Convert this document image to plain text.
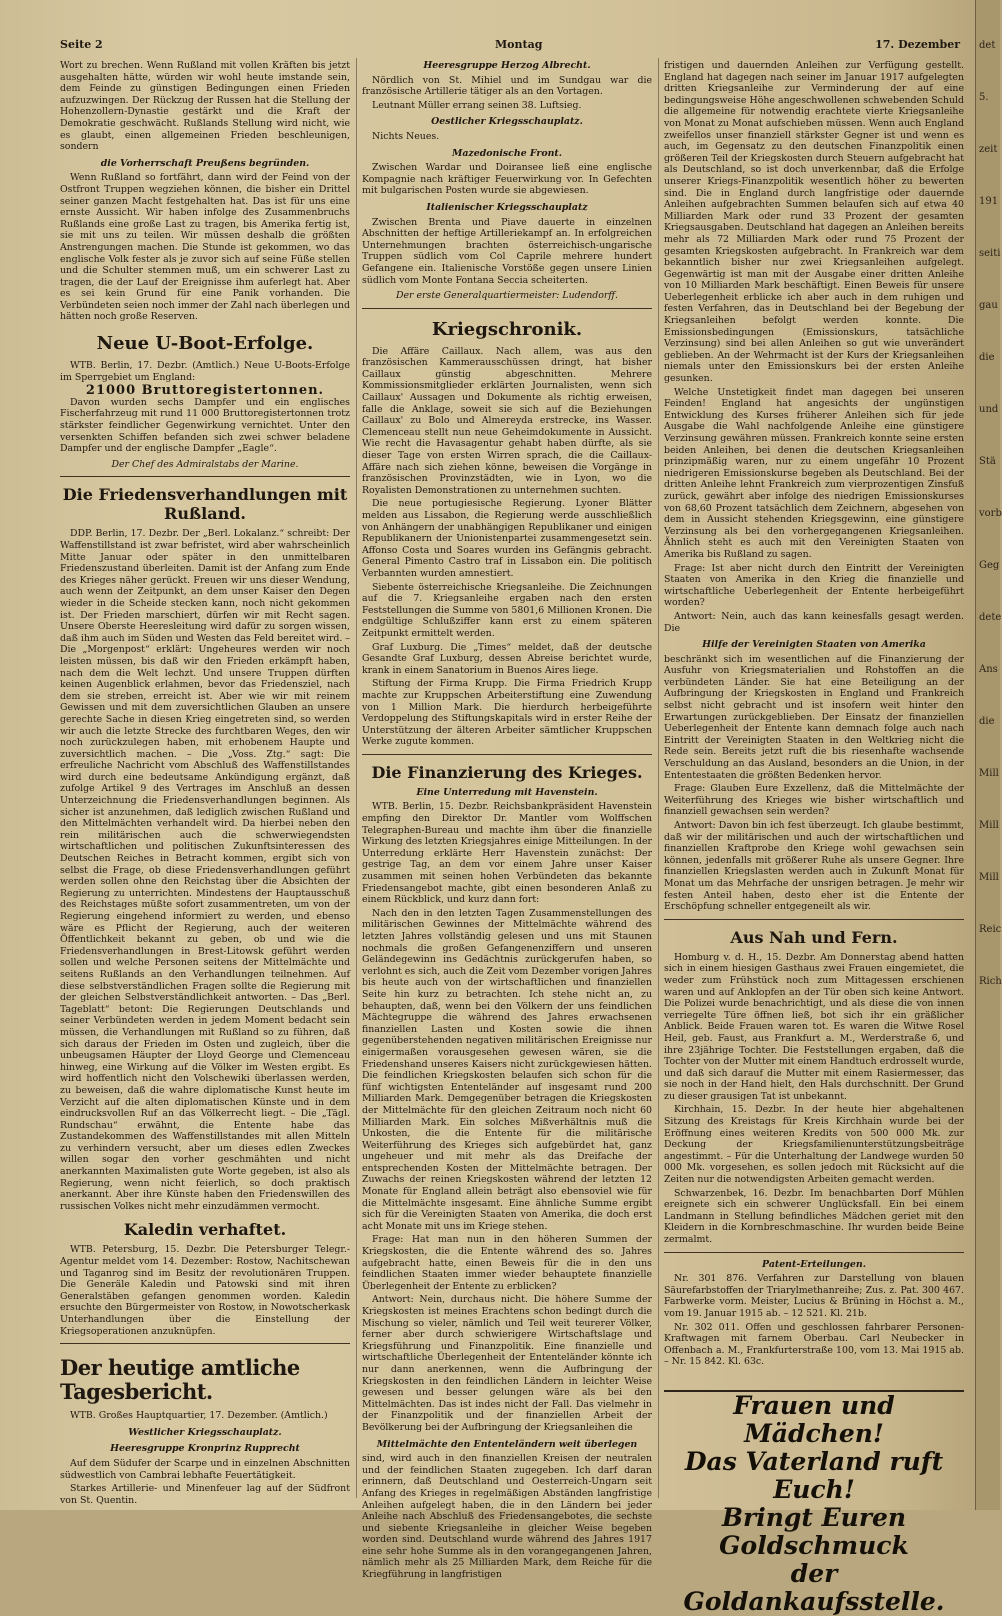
Seite 2	Montag	17. Dezember

Wort zu brechen. Wenn Rußland mit vollen Kräften bis jetzt ausgehalten hätte, würden wir wohl heute imstande sein, dem Feinde zu günstigen Bedingungen einen Frieden aufzuzwingen. Der Rückzug der Russen hat die Stellung der Hohenzollern-Dynastie gestärkt und die Kraft der Demokratie geschwächt. Rußlands Stellung wird nicht, wie es glaubt, einen allgemeinen Frieden beschleunigen, sondern

die Vorherrschaft Preußens begründen.

Wenn Rußland so fortfährt, dann wird der Feind von der Ostfront Truppen wegziehen können, die bisher ein Drittel seiner ganzen Macht festgehalten hat. Das ist für uns eine ernste Aussicht. Wir haben infolge des Zusammenbruchs Rußlands eine große Last zu tragen, bis Amerika fertig ist, sie mit uns zu teilen. Wir müssen deshalb die größten Anstrengungen machen. Die Stunde ist gekommen, wo das englische Volk fester als je zuvor sich auf seine Füße stellen und die Schulter stemmen muß, um ein schwerer Last zu tragen, die der Lauf der Ereignisse ihm auferlegt hat. Aber es sei kein Grund für eine Panik vorhanden. Die Verbündeten seien noch immer der Zahl nach überlegen und hätten noch große Reserven.

Neue U-Boot-Erfolge.

WTB. Berlin, 17. Dezbr. (Amtlich.) Neue U-Boots-Erfolge im Sperrgebiet um England:

21000 Bruttoregistertonnen.

Davon wurden sechs Dampfer und ein englisches Fischerfahrzeug mit rund 11 000 Bruttoregistertonnen trotz stärkster feindlicher Gegenwirkung vernichtet. Unter den versenkten Schiffen befanden sich zwei schwer beladene Dampfer und der englische Dampfer „Eagle“.

Der Chef des Admiralstabs der Marine.
Die Friedensverhandlungen mit Rußland.

DDP. Berlin, 17. Dezbr. Der „Berl. Lokalanz.“ schreibt: Der Waffenstillstand ist zwar befristet, wird aber wahrscheinlich Mitte Januar oder später in den unmittelbaren Friedenszustand überleiten. Damit ist der Anfang zum Ende des Krieges näher gerückt. Freuen wir uns dieser Wendung, auch wenn der Zeitpunkt, an dem unser Kaiser den Degen wieder in die Scheide stecken kann, noch nicht gekommen ist. Der Frieden marschiert, dürfen wir mit Recht sagen. Unsere Oberste Heeresleitung wird dafür zu sorgen wissen, daß ihm auch im Süden und Westen das Feld bereitet wird. – Die „Morgenpost“ erklärt: Ungeheures werden wir noch leisten müssen, bis daß wir den Frieden erkämpft haben, nach dem die Welt lechzt. Und unsere Truppen dürften keinen Augenblick erlahmen, bevor das Friedensziel, nach dem sie streben, erreicht ist. Aber wie wir mit reinem Gewissen und mit dem zuversichtlichen Glauben an unsere gerechte Sache in diesen Krieg eingetreten sind, so werden wir auch die letzte Strecke des furchtbaren Weges, den wir noch zurückzulegen haben, mit erhobenem Haupte und zuversichtlich machen. – Die „Voss. Ztg.“ sagt: Die erfreuliche Nachricht vom Abschluß des Waffenstillstandes wird durch eine bedeutsame Ankündigung ergänzt, daß zufolge Artikel 9 des Vertrages im Anschluß an dessen Unterzeichnung die Friedensverhandlungen beginnen. Als sicher ist anzunehmen, daß lediglich zwischen Rußland und den Mittelmächten verhandelt wird. Da hierbei neben den rein militärischen auch die schwerwiegendsten wirtschaftlichen und politischen Zukunftsinteressen des Deutschen Reiches in Betracht kommen, ergibt sich von selbst die Frage, ob diese Friedensverhandlungen geführt werden sollen ohne den Reichstag über die Absichten der Regierung zu unterrichten. Mindestens der Hauptausschuß des Reichstages müßte sofort zusammentreten, um von der Regierung eingehend informiert zu werden, und ebenso wäre es Pflicht der Regierung, auch der weiteren Öffentlichkeit bekannt zu geben, ob und wie die Friedensverhandlungen in Brest-Litowsk geführt werden sollen und welche Personen seitens der Mittelmächte und seitens Rußlands an den Verhandlungen teilnehmen. Auf diese selbstverständlichen Fragen sollte die Regierung mit der gleichen Selbstverständlichkeit antworten. – Das „Berl. Tageblatt“ betont: Die Regierungen Deutschlands und seiner Verbündeten werden in jedem Moment bedacht sein müssen, die Verhandlungen mit Rußland so zu führen, daß sich daraus der Frieden im Osten und zugleich, über die unbeugsamen Häupter der Lloyd George und Clemenceau hinweg, eine Wirkung auf die Völker im Westen ergibt. Es wird hoffentlich nicht den Volschewiki überlassen werden, zu beweisen, daß die wahre diplomatische Kunst heute im Verzicht auf die alten diplomatischen Künste und in dem eindrucksvollen Ruf an das Völkerrecht liegt. – Die „Tägl. Rundschau“ erwähnt, die Entente habe das Zustandekommen des Waffenstillstandes mit allen Mitteln zu verhindern versucht, aber um dieses edlen Zweckes willen sogar den vorher geschmähten und nicht anerkannten Maximalisten gute Worte gegeben, ist also als Regierung, wenn nicht feierlich, so doch praktisch anerkannt. Aber ihre Künste haben den Friedenswillen des russischen Volkes nicht mehr einzudämmen vermocht.

Kaledin verhaftet.

WTB. Petersburg, 15. Dezbr. Die Petersburger Telegr.-Agentur meldet vom 14. Dezember: Rostow, Nachitschewan und Taganrog sind im Besitz der revolutionären Truppen. Die Generäle Kaledin und Patowski sind mit ihren Generalstäben gefangen genommen worden. Kaledin ersuchte den Bürgermeister von Rostow, in Nowotscherkask Unterhandlungen über die Einstellung der Kriegsoperationen anzuknüpfen.

Der heutige amtliche Tagesbericht.

WTB. Großes Hauptquartier, 17. Dezember. (Amtlich.)

Westlicher Kriegsschauplatz.
Heeresgruppe Kronprinz Rupprecht

Auf dem Südufer der Scarpe und in einzelnen Abschnitten südwestlich von Cambrai lebhafte Feuertätigkeit.

Starkes Artillerie- und Minenfeuer lag auf der Südfront von St. Quentin.

Heeresgruppe Herzog Albrecht.

Nördlich von St. Mihiel und im Sundgau war die französische Artillerie tätiger als an den Vortagen.

Leutnant Müller errang seinen 38. Luftsieg.

Oestlicher Kriegsschauplatz.

Nichts Neues.

Mazedonische Front.

Zwischen Wardar und Doiransee ließ eine englische Kompagnie nach kräftiger Feuerwirkung vor. In Gefechten mit bulgarischen Posten wurde sie abgewiesen.

Italienischer Kriegsschauplatz

Zwischen Brenta und Piave dauerte in einzelnen Abschnitten der heftige Artilleriekampf an. In erfolgreichen Unternehmungen brachten österreichisch-ungarische Truppen südlich vom Col Caprile mehrere hundert Gefangene ein. Italienische Vorstöße gegen unsere Linien südlich vom Monte Fontana Seccia scheiterten.

Der erste Generalquartiermeister: Ludendorff.
Kriegschronik.

Die Affäre Caillaux. Nach allem, was aus den französischen Kammerausschüssen dringt, hat bisher Caillaux günstig abgeschnitten. Mehrere Kommissionsmitglieder erklärten Journalisten, wenn sich Caillaux' Aussagen und Dokumente als richtig erweisen, falle die Anklage, soweit sie sich auf die Beziehungen Caillaux' zu Bolo und Almereyda erstrecke, ins Wasser. Clemenceau stellt nun neue Geheimdokumente in Aussicht. Wie recht die Havasagentur gehabt haben dürfte, als sie dieser Tage von ersten Wirren sprach, die die Caillaux-Affäre nach sich ziehen könne, beweisen die Vorgänge in französischen Provinzstädten, wie in Lyon, wo die Royalisten Demonstrationen zu unternehmen suchten.

Die neue portugiesische Regierung. Lyoner Blätter melden aus Lissabon, die Regierung werde ausschließlich von Anhängern der unabhängigen Republikaner und einigen Republikanern der Unionistenpartei zusammengesetzt sein. Affonso Costa und Soares wurden ins Gefängnis gebracht. General Pimento Castro traf in Lissabon ein. Die politisch Verbannten wurden amnestiert.

Siebente österreichische Kriegsanleihe. Die Zeichnungen auf die 7. Kriegsanleihe ergaben nach den ersten Feststellungen die Summe von 5801,6 Millionen Kronen. Die endgültige Schlußziffer kann erst zu einem späteren Zeitpunkt ermittelt werden.

Graf Luxburg. Die „Times“ meldet, daß der deutsche Gesandte Graf Luxburg, dessen Abreise berichtet wurde, krank in einem Sanatorium in Buenos Aires liege.

Stiftung der Firma Krupp. Die Firma Friedrich Krupp machte zur Kruppschen Arbeiterstiftung eine Zuwendung von 1 Million Mark. Die hierdurch herbeigeführte Verdoppelung des Stiftungskapitals wird in erster Reihe der Unterstützung der älteren Arbeiter sämtlicher Kruppschen Werke zugute kommen.

Die Finanzierung des Krieges.
Eine Unterredung mit Havenstein.

WTB. Berlin, 15. Dezbr. Reichsbankpräsident Havenstein empfing den Direktor Dr. Mantler vom Wolffschen Telegraphen-Bureau und machte ihm über die finanzielle Wirkung des letzten Kriegsjahres einige Mitteilungen. In der Unterredung erklärte Herr Havenstein zunächst: Der gestrige Tag, an dem vor einem Jahre unser Kaiser zusammen mit seinen hohen Verbündeten das bekannte Friedensangebot machte, gibt einen besonderen Anlaß zu einem Rückblick, und kurz dann fort:

Nach den in den letzten Tagen Zusammenstellungen des militärischen Gewinnes der Mittelmächte während des letzten Jahres vollständig gelesen und uns mit Staunen nochmals die großen Gefangenenziffern und unseren Geländegewinn ins Gedächtnis zurückgerufen haben, so verlohnt es sich, auch die Zeit vom Dezember vorigen Jahres bis heute auch von der wirtschaftlichen und finanziellen Seite hin kurz zu betrachten. Ich stehe nicht an, zu behaupten, daß, wenn bei den Völkern der uns feindlichen Mächtegruppe die während des Jahres erwachsenen finanziellen Lasten und Kosten sowie die ihnen gegenüberstehenden negativen militärischen Ereignisse nur einigermaßen vorausgesehen gewesen wären, sie die Friedenshand unseres Kaisers nicht zurückgewiesen hätten. Die feindlichen Kriegskosten belaufen sich schon für die fünf wichtigsten Ententeländer auf insgesamt rund 200 Milliarden Mark. Demgegenüber betragen die Kriegskosten der Mittelmächte für den gleichen Zeitraum noch nicht 60 Milliarden Mark. Ein solches Mißverhältnis muß die Unkosten, die die Entente für die militärische Weiterführung des Krieges sich aufgebürdet hat, ganz ungeheuer und mit mehr als das Dreifache der entsprechenden Kosten der Mittelmächte betragen. Der Zuwachs der reinen Kriegskosten während der letzten 12 Monate für England allein beträgt also ebensoviel wie für die Mittelmächte insgesamt. Eine ähnliche Summe ergibt sich für die Vereinigten Staaten von Amerika, die doch erst acht Monate mit uns im Kriege stehen.

Frage: Hat man nun in den höheren Summen der Kriegskosten, die die Entente während des so. Jahres aufgebracht hatte, einen Beweis für die in den uns feindlichen Staaten immer wieder behauptete finanzielle Überlegenheit der Entente zu erblicken?

Antwort: Nein, durchaus nicht. Die höhere Summe der Kriegskosten ist meines Erachtens schon bedingt durch die Mischung so vieler, nämlich und Teil weit teurerer Völker, ferner aber durch schwierigere Wirtschaftslage und Kriegsführung und Finanzpolitik. Eine finanzielle und wirtschaftliche Überlegenheit der Ententeländer könnte ich nur dann anerkennen, wenn die Aufbringung der Kriegskosten in den feindlichen Ländern in leichter Weise gewesen und besser gelungen wäre als bei den Mittelmächten. Das ist indes nicht der Fall. Das vielmehr in der Finanzpolitik und der finanziellen Arbeit der Bevölkerung bei der Aufbringung der Kriegsanleihen die

Mittelmächte den Ententeländern weit überlegen

sind, wird auch in den finanziellen Kreisen der neutralen und der feindlichen Staaten zugegeben. Ich darf daran erinnern, daß Deutschland und Oesterreich-Ungarn seit Anfang des Krieges in regelmäßigen Abständen langfristige Anleihen aufgelegt haben, die in den Ländern bei jeder Anleihe nach Abschluß des Friedensangebotes, die sechste und siebente Kriegsanleihe in gleicher Weise begeben worden sind. Deutschland wurde während des Jahres 1917 eine sehr hohe Summe als in den vorangegangenen Jahren, nämlich mehr als 25 Milliarden Mark, dem Reiche für die Kriegführung in langfristigen

fristigen und dauernden Anleihen zur Verfügung gestellt. England hat dagegen nach seiner im Januar 1917 aufgelegten dritten Kriegsanleihe zur Verminderung der auf eine bedingungsweise Höhe angeschwollenen schwebenden Schuld die allgemeine für notwendig erachtete vierte Kriegsanleihe von Monat zu Monat aufschieben müssen. Wenn auch England zweifellos unser finanziell stärkster Gegner ist und wenn es auch, im Gegensatz zu den deutschen Finanzpolitik einen größeren Teil der Kriegskosten durch Steuern aufgebracht hat als Deutschland, so ist doch unverkennbar, daß die Erfolge unserer Kriegs-Finanzpolitik wesentlich höher zu bewerten sind. Die in England durch langfristige oder dauernde Anleihen aufgebrachten Summen belaufen sich auf etwa 40 Milliarden Mark oder rund 33 Prozent der gesamten Kriegsausgaben. Deutschland hat dagegen an Anleihen bereits mehr als 72 Milliarden Mark oder rund 75 Prozent der gesamten Kriegskosten aufgebracht. In Frankreich war dem bekanntlich bisher nur zwei Kriegsanleihen aufgelegt. Gegenwärtig ist man mit der Ausgabe einer dritten Anleihe von 10 Milliarden Mark beschäftigt. Einen Beweis für unsere Ueberlegenheit erblicke ich aber auch in dem ruhigen und festen Verfahren, das in Deutschland bei der Begebung der Kriegsanleihen befolgt werden konnte. Die Emissionsbedingungen (Emissionskurs, tatsächliche Verzinsung) sind bei allen Anleihen so gut wie unverändert geblieben. An der Wehrmacht ist der Kurs der Kriegsanleihen niemals unter den Emissionskurs bei der ersten Anleihe gesunken.

Welche Unstetigkeit findet man dagegen bei unseren Feinden! England hat angesichts der ungünstigen Entwicklung des Kurses früherer Anleihen sich für jede Ausgabe die Wahl nachfolgende Anleihe eine günstigere Verzinsung gewähren müssen. Frankreich konnte seine ersten beiden Anleihen, bei denen die deutschen Kriegsanleihen prinzipmäßig waren, nur zu einem ungefähr 10 Prozent niedrigeren Emissionskurse begeben als Deutschland. Bei der dritten Anleihe lehnt Frankreich zum vierprozentigen Zinsfuß zurück, gewährt aber infolge des niedrigen Emissionskurses von 68,60 Prozent tatsächlich dem Zeichnern, abgesehen von dem in Aussicht stehenden Kriegsgewinn, eine günstigere Verzinsung als bei den vorhergegangenen Kriegsanleihen. Ähnlich steht es auch mit den Vereinigten Staaten von Amerika bis Rußland zu sagen.

Frage: Ist aber nicht durch den Eintritt der Vereinigten Staaten von Amerika in den Krieg die finanzielle und wirtschaftliche Ueberlegenheit der Entente herbeigeführt worden?

Antwort: Nein, auch das kann keinesfalls gesagt werden. Die

Hilfe der Vereinigten Staaten von Amerika

beschränkt sich im wesentlichen auf die Finanzierung der Ausfuhr von Kriegsmaterialien und Rohstoffen an die verbündeten Länder. Sie hat eine Beteiligung an der Aufbringung der Kriegskosten in England und Frankreich selbst nicht gebracht und ist insofern weit hinter den Erwartungen zurückgeblieben. Der Einsatz der finanziellen Ueberlegenheit der Entente kann demnach folge auch nach Eintritt der Vereinigten Staaten in den Weltkrieg nicht die Rede sein. Bereits jetzt ruft die bis riesenhafte wachsende Verschuldung an das Ausland, besonders an die Union, in der Ententestaaten die größten Bedenken hervor.

Frage: Glauben Eure Exzellenz, daß die Mittelmächte der Weiterführung des Krieges wie bisher wirtschaftlich und finanziell gewachsen sein werden?

Antwort: Davon bin ich fest überzeugt. Ich glaube bestimmt, daß wir der militärischen und auch der wirtschaftlichen und finanziellen Kraftprobe den Kriege wohl gewachsen sein können, jedenfalls mit größerer Ruhe als unsere Gegner. Ihre finanziellen Kriegslasten werden auch in Zukunft Monat für Monat um das Mehrfache der unsrigen betragen. Je mehr wir festen Anteil haben, desto eher ist die Entente der Erschöpfung schneller entgegeneilt als wir.

Aus Nah und Fern.

Homburg v. d. H., 15. Dezbr. Am Donnerstag abend hatten sich in einem hiesigen Gasthaus zwei Frauen eingemietet, die weder zum Frühstück noch zum Mittagessen erschienen waren und auf Anklopfen an der Tür oben sich keine Antwort. Die Polizei wurde benachrichtigt, und als diese die von innen verriegelte Türe öffnen ließ, bot sich ihr ein gräßlicher Anblick. Beide Frauen waren tot. Es waren die Witwe Rosel Heil, geb. Faust, aus Frankfurt a. M., Werderstraße 6, und ihre 23jährige Tochter. Die Feststellungen ergaben, daß die Tochter von der Mutter mit einem Handtuch erdrosselt wurde, und daß sich darauf die Mutter mit einem Rasiermesser, das sie noch in der Hand hielt, den Hals durchschnitt. Der Grund zu dieser grausigen Tat ist unbekannt.

Kirchhain, 15. Dezbr. In der heute hier abgehaltenen Sitzung des Kreistags für Kreis Kirchhain wurde bei der Eröffnung eines weiteren Kredits von 500 000 Mk. zur Deckung der Kriegsfamilienunterstützungsbeiträge angestimmt. – Für die Unterhaltung der Landwege wurden 50 000 Mk. vorgesehen, es sollen jedoch mit Rücksicht auf die Zeiten nur die notwendigsten Arbeiten gemacht werden.

Schwarzenbek, 16. Dezbr. Im benachbarten Dorf Mühlen ereignete sich ein schwerer Unglücksfall. Ein bei einem Landmann in Stellung befindliches Mädchen geriet mit den Kleidern in die Kornbreschmaschine. Ihr wurden beide Beine zermalmt.

Patent-Erteilungen.

Nr. 301 876. Verfahren zur Darstellung von blauen Säurefarbstoffen der Triarylmethanreihe; Zus. z. Pat. 300 467. Farbwerke vorm. Meister, Lucius & Brüning in Höchst a. M., vom 19. Januar 1915 ab. – 12 521. Kl. 21b.

Nr. 302 011. Offen und geschlossen fahrbarer Personen-Kraftwagen mit farnem Oberbau. Carl Neubecker in Offenbach a. M., Frankfurterstraße 100, vom 13. Mai 1915 ab. – Nr. 15 842. Kl. 63c.

Frauen und Mädchen!
Das Vaterland ruft Euch!
Bringt Euren Goldschmuck
der Goldankaufsstelle.
det
5.
zeit
191
seiti
gau
die
und
Stä
vorb
Geg
dete
Ans
die
Mill
Mill
Mill
Reic
Rich
